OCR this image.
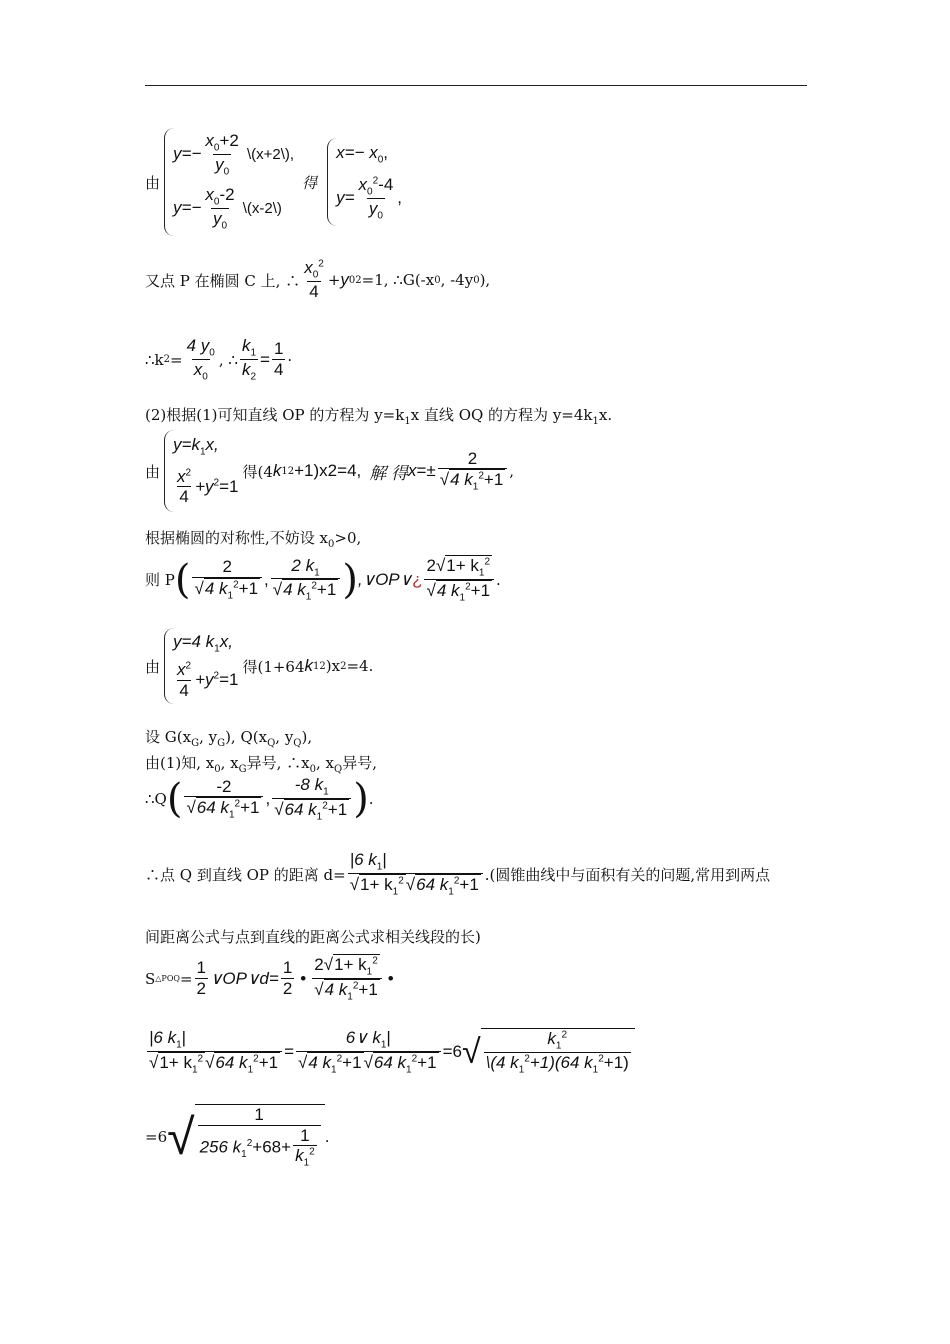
由
$y=- \frac{x_0+2}{y_0}$ \(x+2\),
$y=- \frac{x_0-2}{y_0}$ \(x-2\)
得
$x=- x_0$,
$y= \frac{x_0^2-4}{y_0}$ ,
又点 P 在椭圆 C 上, ∴ $\frac{x_0^2}{4} + y$ 0 2 =1, ∴G(-x 0 , -4y 0 ),
∴k $2 = \frac{4 y_0}{x_0}$ , ∴ $\frac{k_1}{k_2} = \frac{1}{4}$ ·
(2)根据(1)可知直线 OP 的方程为 $y=k_1x$ 直线 OQ 的方程为 $y=4k_1x$.
由
$y=k_1x$,
$\frac{x^2}{4} +y^2=1$
得(4 k 1 2 +1)x 2 =4, 解 得 $x =\pm \frac{2}{√4 k_1^2+1}$ ,
根据椭圆的对称性,不妨设 $x_0>0$,
则 P ( $\frac{2}{√4 k_1^2+1}$ , $\frac{2 k_1}{√4 k_1^2+1}$ ) ,∨OP∨ ¿ $\frac{2√1+ k_1^2}{√4 k_1^2+1}$ .
由
y=4 $k_1x$,
$\frac{x^2}{4} +y^2=1$
得(1+64 k 1 2 )x 2 =4.
设 $G(x_G$, $y_G$), $Q(x_Q$, $y_Q$),
由(1)知, $x_0$, $x_G$异号, $\therefore x_0$, $x_Q$异号,
∴Q ( $\frac{-2}{√64 k_1^2+1}$ , $\frac{-8 k_1}{√64 k_1^2+1}$ ) .
∴点 Q 到直线 OP 的距离 $d= \frac{|6 k_1|}{√1+ k_1^2 √64 k_1^2+1}$ .(圆锥曲线中与面积有关的问题,常用到两点
间距离公式与点到直线的距离公式求相关线段的长)
S △POQ = $\frac{1}{2}$ ∨OP∨d= $\frac{1}{2}$ • $\frac{2√1+ k_1^2}{√4 k_1^2+1}$ •
$\frac{|6 k_1|}{√1+ k_1^2 √64 k_1^2+1} = \frac{6\vee k_1|}{√4 k_1^2+1 √64 k_1^2+1} =6$ √ $\frac{k_1^2}{\backslash(4 k_1^2+1)(64 k_1^2+1)}$
=6 √ $\frac{1}{256 k_1^2+68+ \frac{1}{k_1^2}}$ .
